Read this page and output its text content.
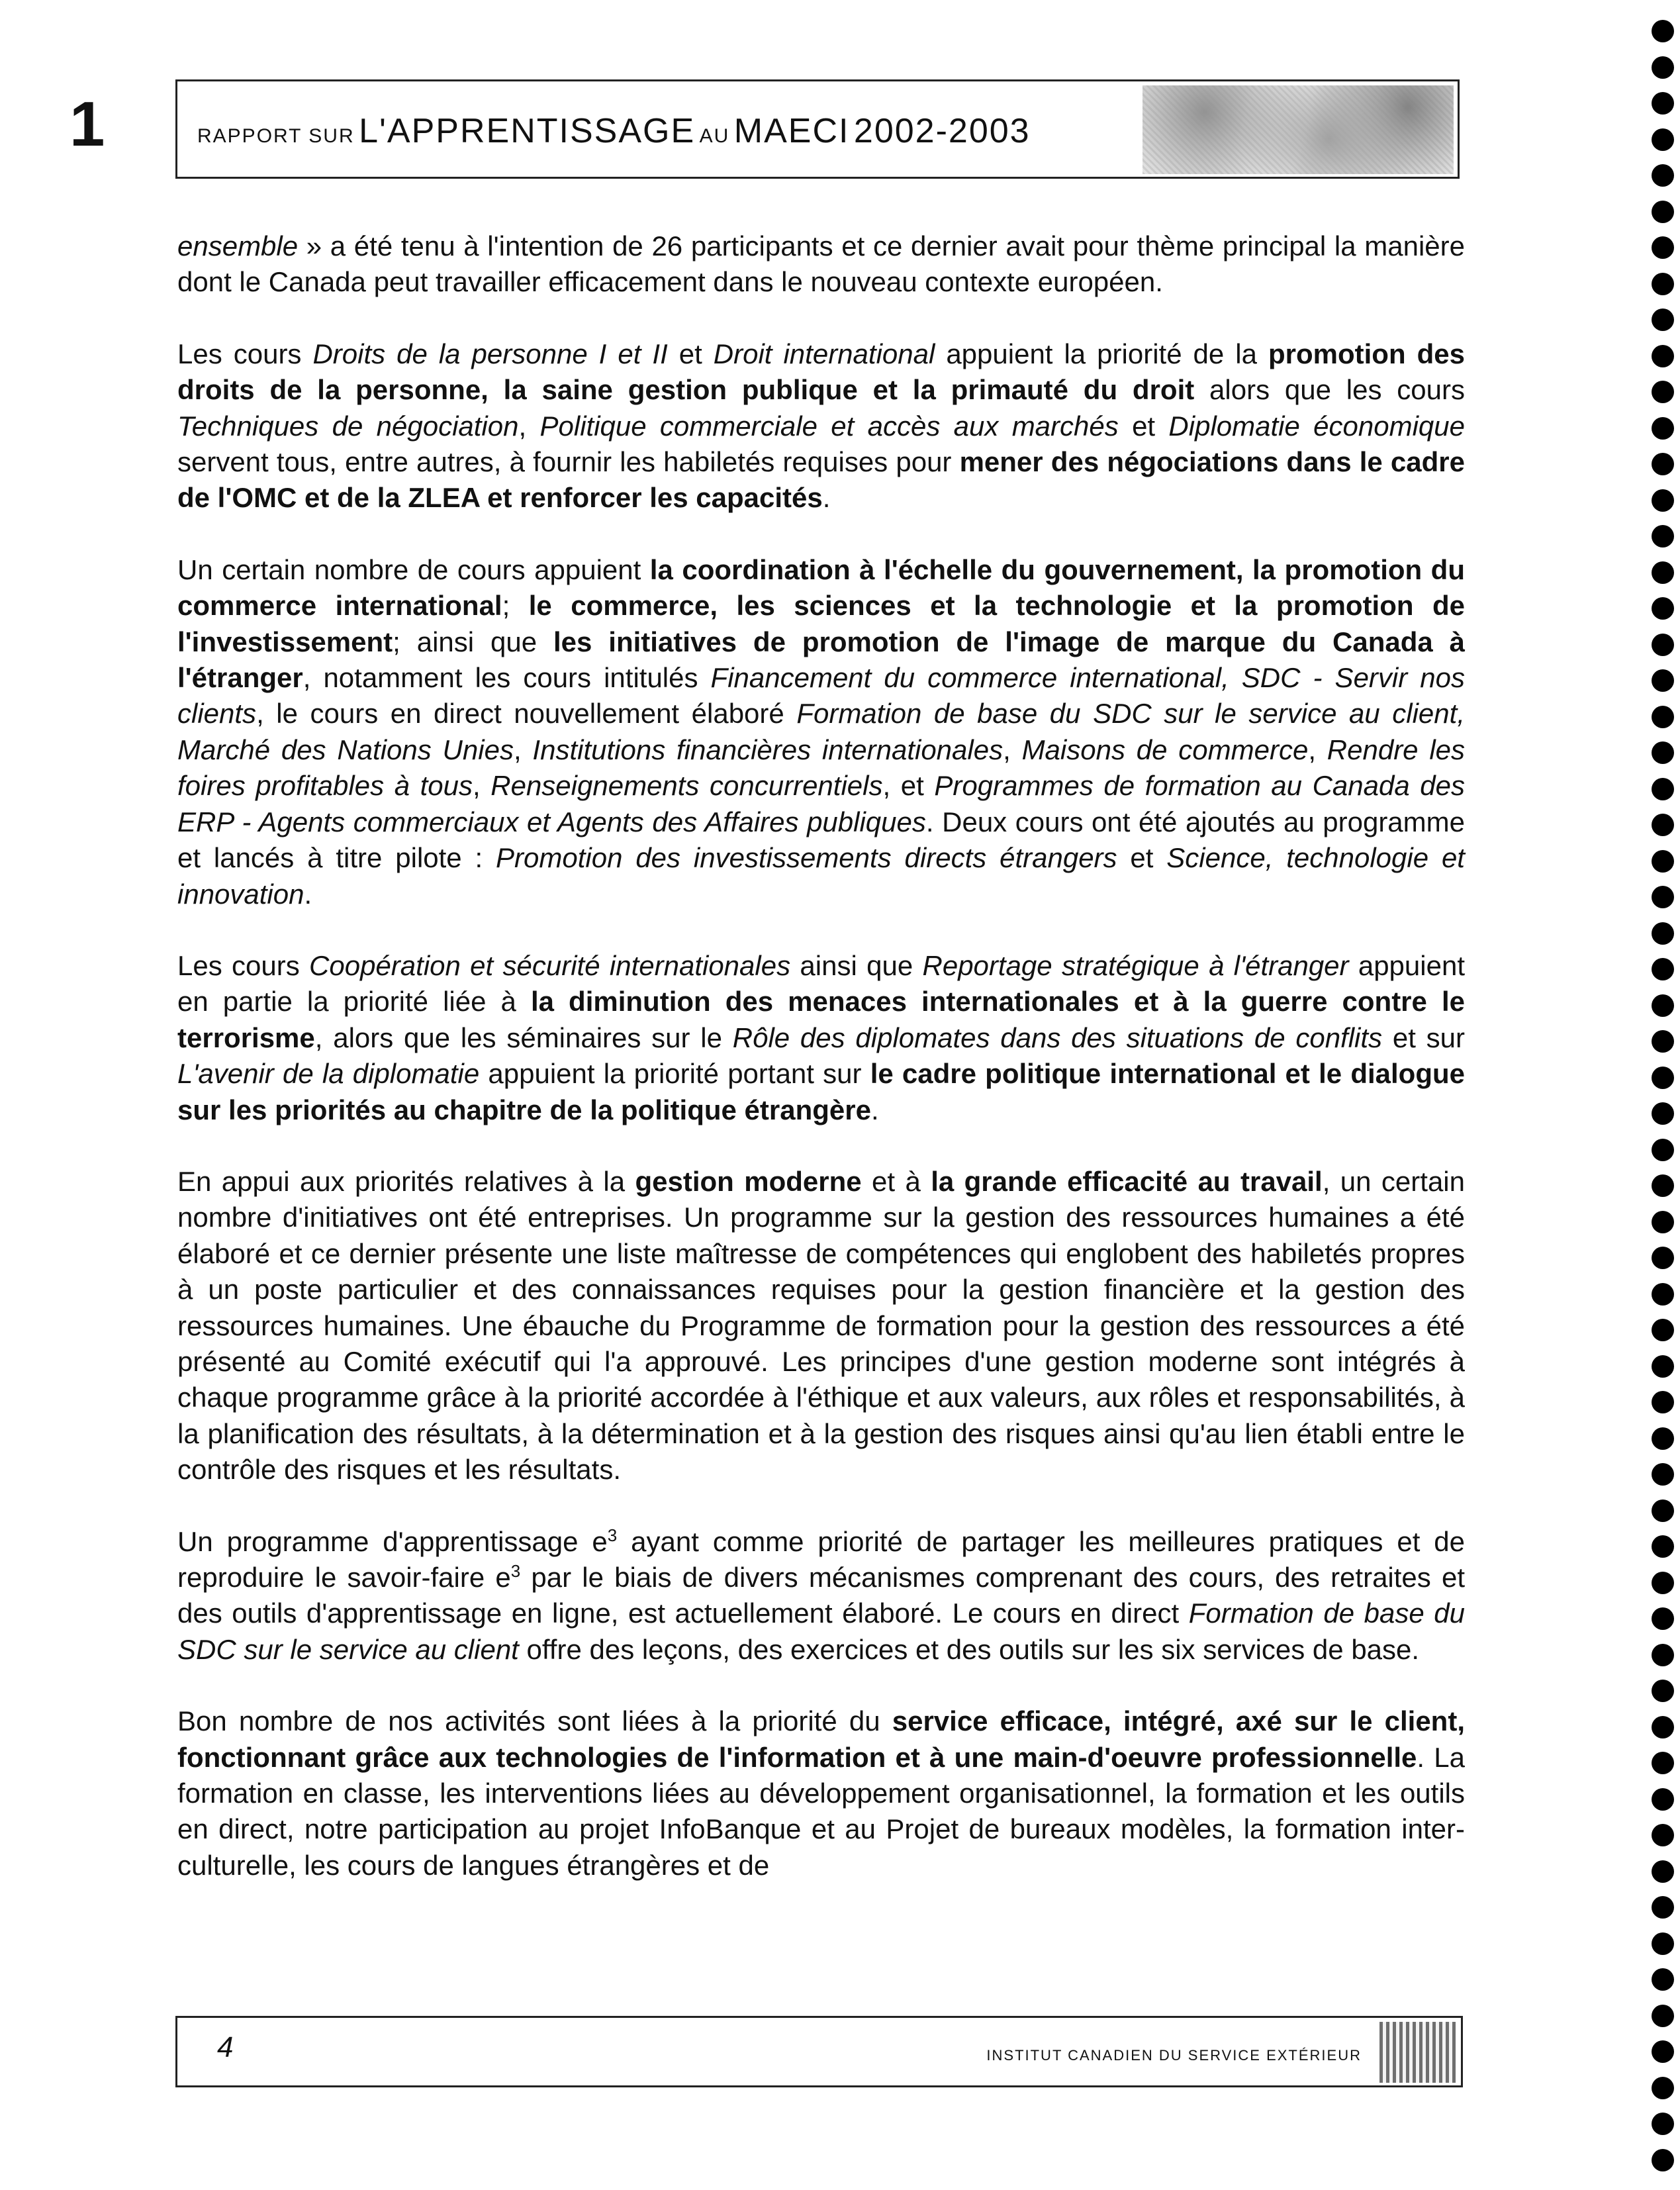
1	RAPPORT SUR L'APPRENTISSAGE AU MAECI 2002-2003

ensemble » a été tenu à l'intention de 26 participants et ce dernier avait pour thème principal la manière dont le Canada peut travailler efficacement dans le nouveau contexte européen.

Les cours Droits de la personne I et II et Droit international appuient la priorité de la promotion des droits de la personne, la saine gestion publique et la primauté du droit alors que les cours Techniques de négociation, Politique commerciale et accès aux marchés et Diplomatie économique servent tous, entre autres, à fournir les habiletés requises pour mener des négociations dans le cadre de l'OMC et de la ZLEA et renforcer les capacités.

Un certain nombre de cours appuient la coordination à l'échelle du gouvernement, la promotion du commerce international; le commerce, les sciences et la technologie et la promotion de l'investissement; ainsi que les initiatives de promotion de l'image de marque du Canada à l'étranger, notamment les cours intitulés Financement du commerce international, SDC - Servir nos clients, le cours en direct nouvellement élaboré Formation de base du SDC sur le service au client, Marché des Nations Unies, Institutions financières internationales, Maisons de commerce, Rendre les foires profitables à tous, Renseignements concurrentiels, et Programmes de formation au Canada des ERP - Agents commerciaux et Agents des Affaires publiques. Deux cours ont été ajoutés au programme et lancés à titre pilote : Promotion des investissements directs étrangers et Science, technologie et innovation.

Les cours Coopération et sécurité internationales ainsi que Reportage stratégique à l'étranger appuient en partie la priorité liée à la diminution des menaces internationales et à la guerre contre le terrorisme, alors que les séminaires sur le Rôle des diplomates dans des situations de conflits et sur L'avenir de la diplomatie appuient la priorité portant sur le cadre politique international et le dialogue sur les priorités au chapitre de la politique étrangère.

En appui aux priorités relatives à la gestion moderne et à la grande efficacité au travail, un certain nombre d'initiatives ont été entreprises. Un programme sur la gestion des ressources humaines a été élaboré et ce dernier présente une liste maîtresse de compétences qui englobent des habiletés propres à un poste particulier et des connaissances requises pour la gestion financière et la gestion des ressources humaines. Une ébauche du Programme de formation pour la gestion des ressources a été présenté au Comité exécutif qui l'a approuvé. Les principes d'une gestion moderne sont intégrés à chaque programme grâce à la priorité accordée à l'éthique et aux valeurs, aux rôles et responsabilités, à la planification des résultats, à la détermination et à la gestion des risques ainsi qu'au lien établi entre le contrôle des risques et les résultats.

Un programme d'apprentissage $e^3$ ayant comme priorité de partager les meilleures pratiques et de reproduire le savoir-faire $e^3$ par le biais de divers mécanismes comprenant des cours, des retraites et des outils d'apprentissage en ligne, est actuellement élaboré. Le cours en direct Formation de base du SDC sur le service au client offre des leçons, des exercices et des outils sur les six services de base.

Bon nombre de nos activités sont liées à la priorité du service efficace, intégré, axé sur le client, fonctionnant grâce aux technologies de l'information et à une main-d'oeuvre professionnelle. La formation en classe, les interventions liées au développement organisationnel, la formation et les outils en direct, notre participation au projet InfoBanque et au Projet de bureaux modèles, la formation inter-culturelle, les cours de langues étrangères et de

4	INSTITUT CANADIEN DU SERVICE EXTÉRIEUR
